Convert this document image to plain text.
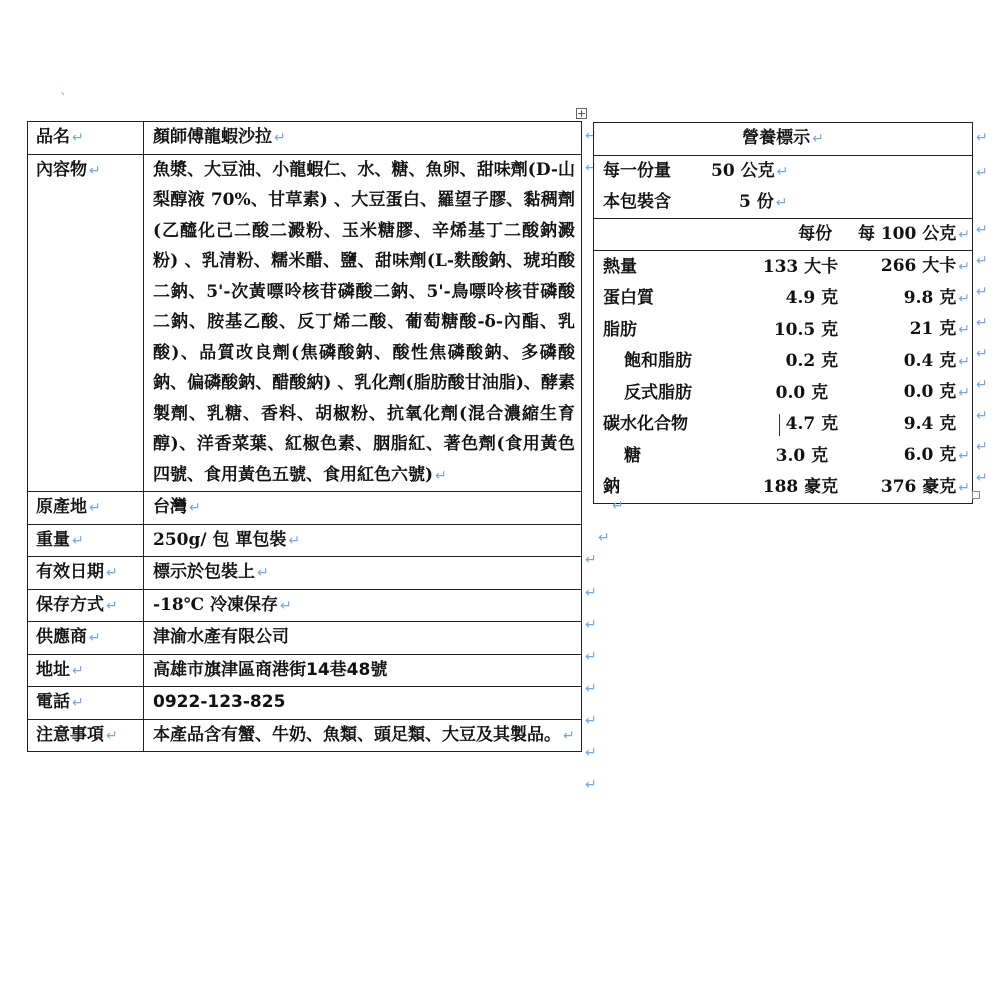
ˋ
+
品名 ↵	顏師傅龍蝦沙拉 ↵
內容物 ↵	魚漿、大豆油、小龍蝦仁、水、糖、魚卵、甜味劑(D-山梨醇液 70%、甘草素) 、大豆蛋白、羅望子膠、黏稠劑(乙醯化己二酸二澱粉、玉米糖膠、辛烯基丁二酸鈉澱粉) 、乳清粉、糯米醋、鹽、甜味劑(L-麩酸鈉、琥珀酸二鈉、5'-次黃嘌呤核苷磷酸二鈉、5'-鳥嘌呤核苷磷酸二鈉、胺基乙酸、反丁烯二酸、葡萄糖酸-δ-內酯、乳酸)、品質改良劑(焦磷酸鈉、酸性焦磷酸鈉、多磷酸鈉、偏磷酸鈉、醋酸納) 、乳化劑(脂肪酸甘油脂)、酵素製劑、乳糖、香料、胡椒粉、抗氧化劑(混合濃縮生育醇)、洋香菜葉、紅椒色素、胭脂紅、著色劑(食用黃色四號、食用黃色五號、食用紅色六號) ↵
原產地 ↵	台灣 ↵
重量 ↵	250g/ 包 單包裝 ↵
有效日期 ↵	標示於包裝上 ↵
保存方式 ↵	-18℃ 冷凍保存 ↵
供應商 ↵	津渝水產有限公司
地址 ↵	高雄市旗津區商港街14巷48號
電話 ↵	0922-123-825
注意事項 ↵	本產品含有蟹、牛奶、魚類、頭足類、大豆及其製品。 ↵
↵
↵
↵
↵
↵
↵
↵
↵
↵
↵
營養標示 ↵		

每一份量 50 公克 ↵
本包裝含 5 份 ↵		

	每份	每 100 公克 ↵
熱量	133 大卡	266 大卡 ↵
蛋白質	4.9 克	9.8 克 ↵
脂肪	10.5 克	21 克 ↵
飽和脂肪	0.2 克	0.4 克 ↵
反式脂肪	0.0 克	0.0 克 ↵
碳水化合物	4.7 克	9.4 克
糖	3.0 克	6.0 克 ↵
鈉	188 豪克	376 豪克 ↵
↵
↵
↵
↵
↵
↵
↵
↵
↵
↵
↵
↵
↵
